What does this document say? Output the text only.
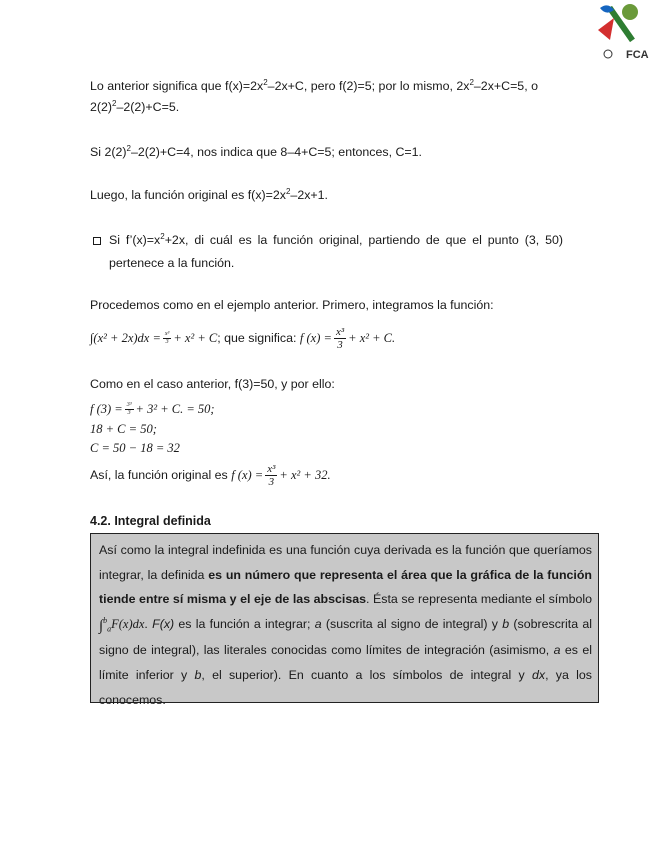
FCA

Lo anterior significa que $f(x)=2x^2-2x+C$, pero f(2)=5; por lo mismo, $2x^2-2x+C=5$, o $2(2)^2-2(2)+C=5$.

Si $2(2)^2-2(2)+C=4$, nos indica que 8–4+C=5; entonces, C=1.

Luego, la función original es $f(x)=2x^2-2x+1$.

Si $f’(x)=x^2+2x$, di cuál es la función original, partiendo de que el punto (3, 50) pertenece a la función.

Procedemos como en el ejemplo anterior. Primero, integramos la función:

$\int(x^2 + 2x)dx = \frac{\text{x³}}{3} + x^2 + C$; que significa: f $(x) = \frac{\text{x³}}{3} + x^2 + C$.

Como en el caso anterior, f(3)=50, y por ello:

f $(3) = \frac{\text{3³}}{3} + 3^2 + C$. = 50;

18 + C = 50;

C = 50 − 18 = 32

Así, la función original es f $(x) = \frac{\text{x³}}{3} + x^2 + 32$.

4.2. Integral definida
Así como la integral indefinida es una función cuya derivada es la función que queríamos integrar, la definida es un número que representa el área que la gráfica de la función tiende entre sí misma y el eje de las abscisas. Ésta se representa mediante el símbolo ∫$^b_a$F(x)dx. F(x) es la función a integrar; a (suscrita al signo de integral) y b (sobrescrita al signo de integral), las literales conocidas como límites de integración (asimismo, a es el límite inferior y b, el superior). En cuanto a los símbolos de integral y dx, ya los conocemos.
